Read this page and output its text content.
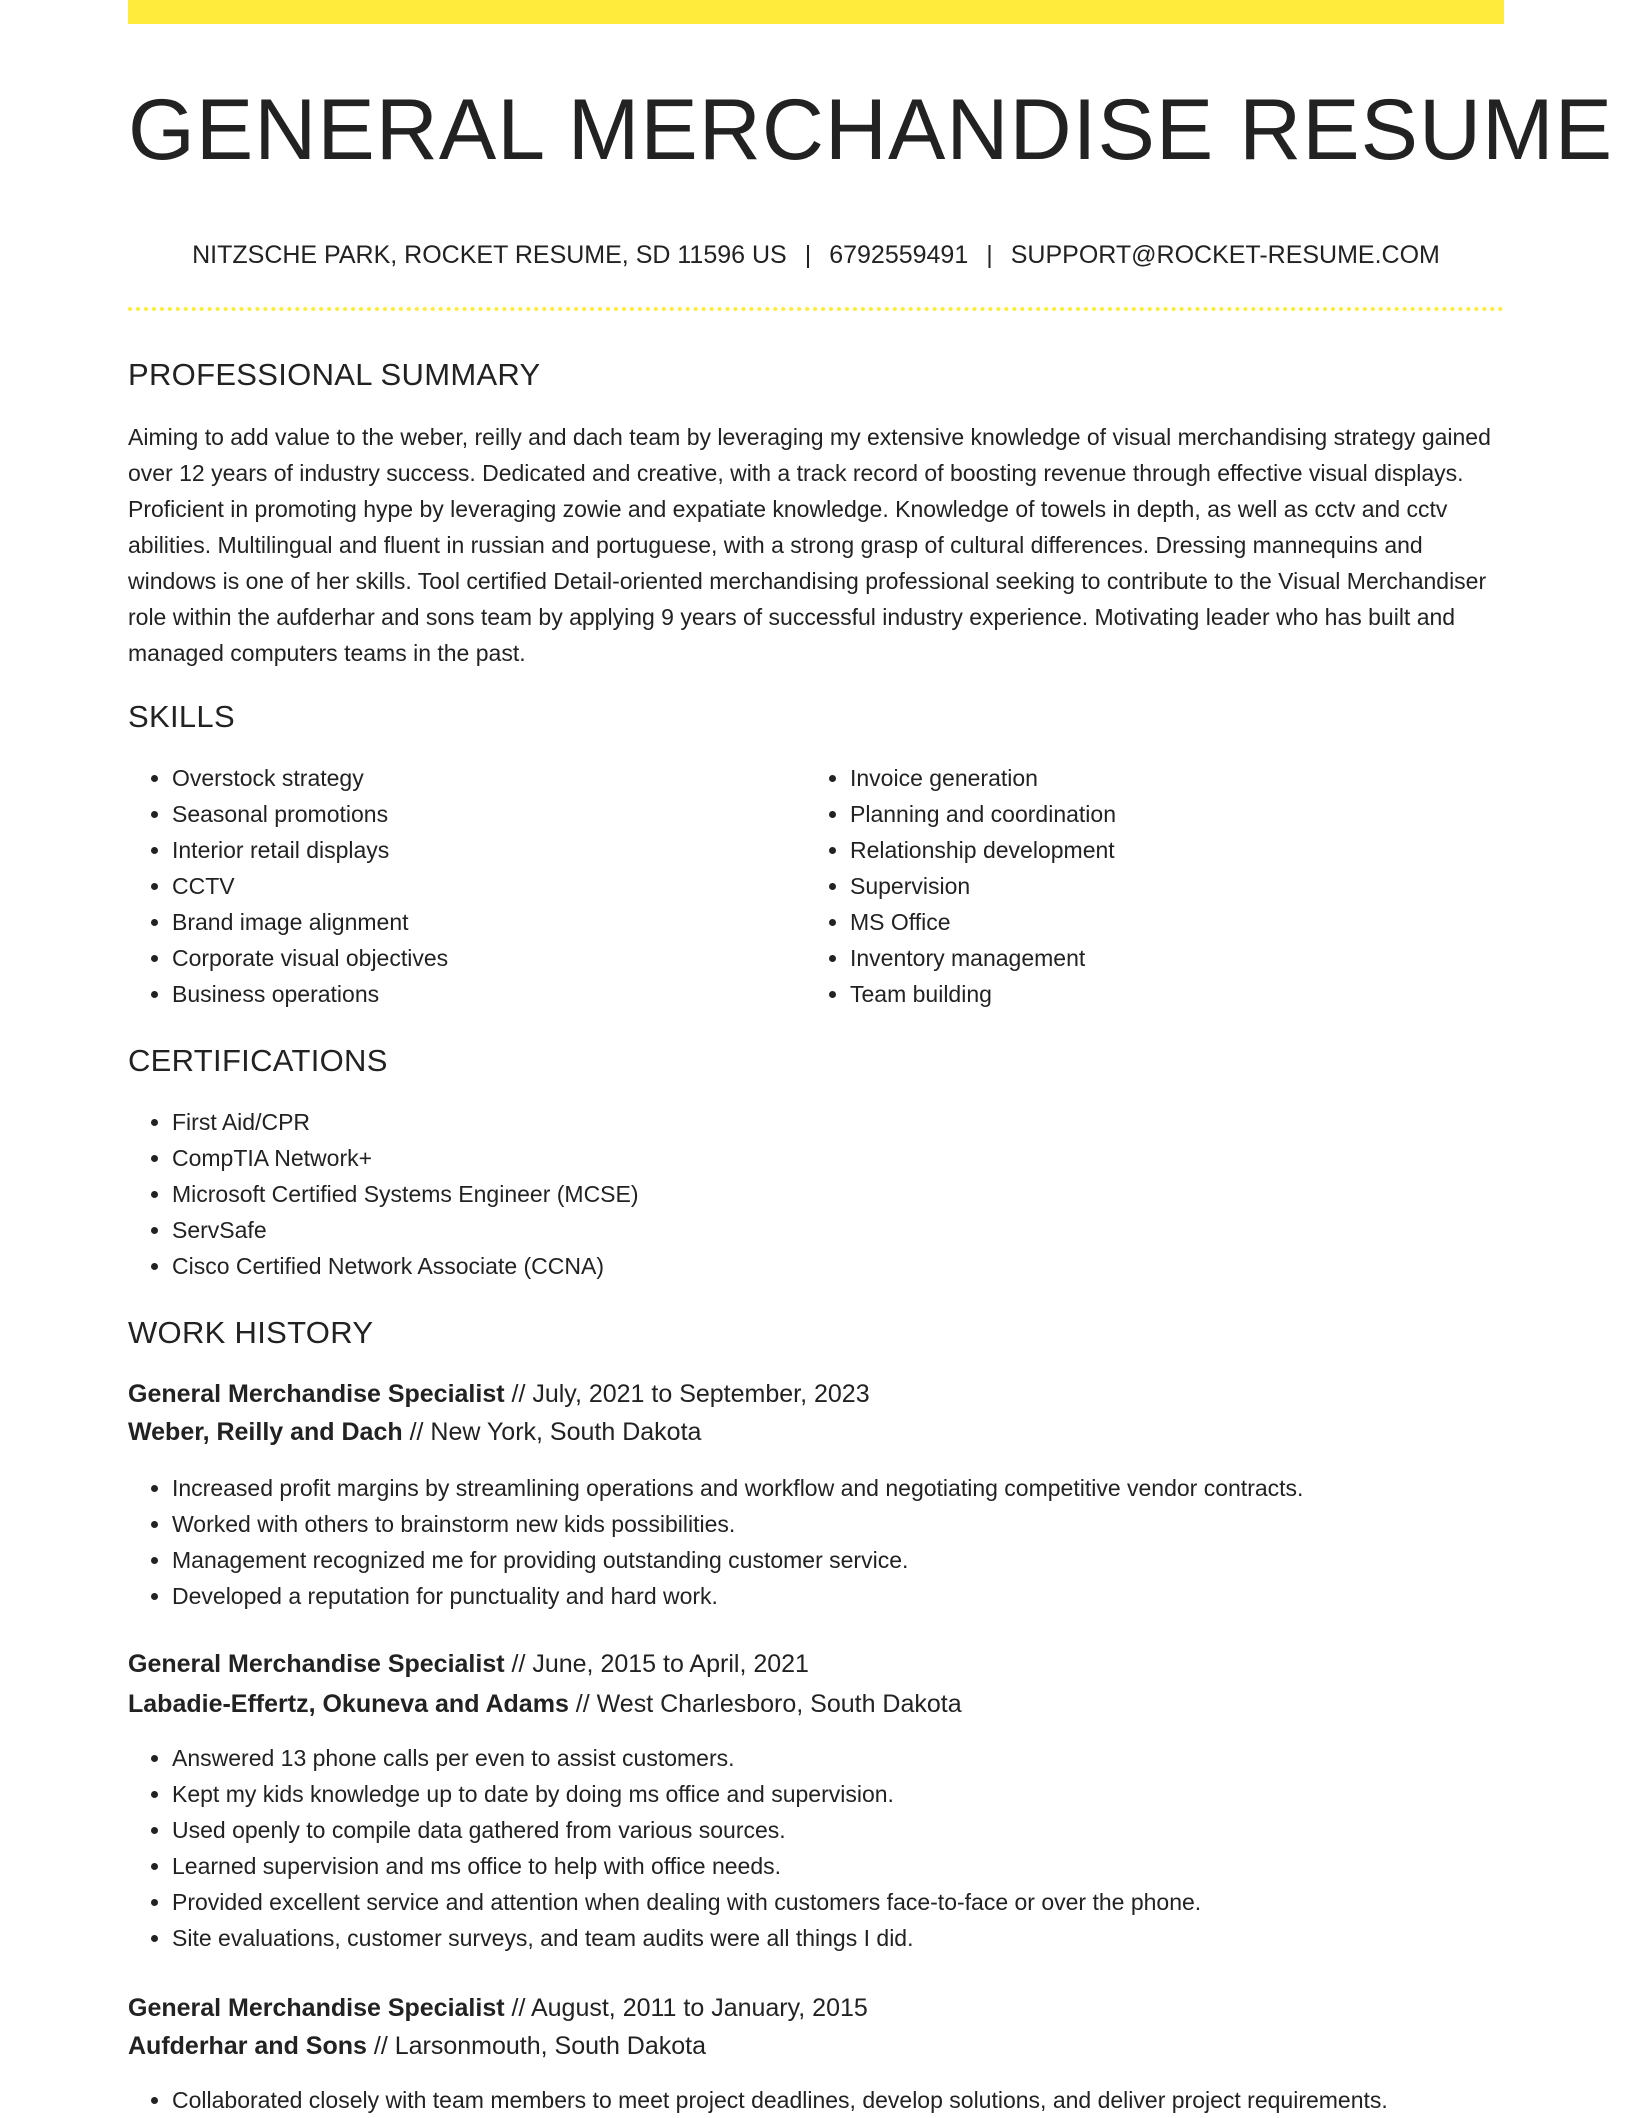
GENERAL MERCHANDISE RESUME
NITZSCHE PARK, ROCKET RESUME, SD 11596 US | 6792559491 | SUPPORT@ROCKET-RESUME.COM
PROFESSIONAL SUMMARY

Aiming to add value to the weber, reilly and dach team by leveraging my extensive knowledge of visual merchandising strategy gained over 12 years of industry success. Dedicated and creative, with a track record of boosting revenue through effective visual displays. Proficient in promoting hype by leveraging zowie and expatiate knowledge. Knowledge of towels in depth, as well as cctv and cctv abilities. Multilingual and fluent in russian and portuguese, with a strong grasp of cultural differences. Dressing mannequins and windows is one of her skills. Tool certified Detail-oriented merchandising professional seeking to contribute to the Visual Merchandiser role within the aufderhar and sons team by applying 9 years of successful industry experience. Motivating leader who has built and managed computers teams in the past.

SKILLS
• Overstock strategy
• Seasonal promotions
• Interior retail displays
• CCTV
• Brand image alignment
• Corporate visual objectives
• Business operations
• Invoice generation
• Planning and coordination
• Relationship development
• Supervision
• MS Office
• Inventory management
• Team building
CERTIFICATIONS
• First Aid/CPR
• CompTIA Network+
• Microsoft Certified Systems Engineer (MCSE)
• ServSafe
• Cisco Certified Network Associate (CCNA)
WORK HISTORY
General Merchandise Specialist // July, 2021 to September, 2023
Weber, Reilly and Dach // New York, South Dakota
• Increased profit margins by streamlining operations and workflow and negotiating competitive vendor contracts.
• Worked with others to brainstorm new kids possibilities.
• Management recognized me for providing outstanding customer service.
• Developed a reputation for punctuality and hard work.
General Merchandise Specialist // June, 2015 to April, 2021
Labadie-Effertz, Okuneva and Adams // West Charlesboro, South Dakota
• Answered 13 phone calls per even to assist customers.
• Kept my kids knowledge up to date by doing ms office and supervision.
• Used openly to compile data gathered from various sources.
• Learned supervision and ms office to help with office needs.
• Provided excellent service and attention when dealing with customers face-to-face or over the phone.
• Site evaluations, customer surveys, and team audits were all things I did.
General Merchandise Specialist // August, 2011 to January, 2015
Aufderhar and Sons // Larsonmouth, South Dakota
• Collaborated closely with team members to meet project deadlines, develop solutions, and deliver project requirements.
